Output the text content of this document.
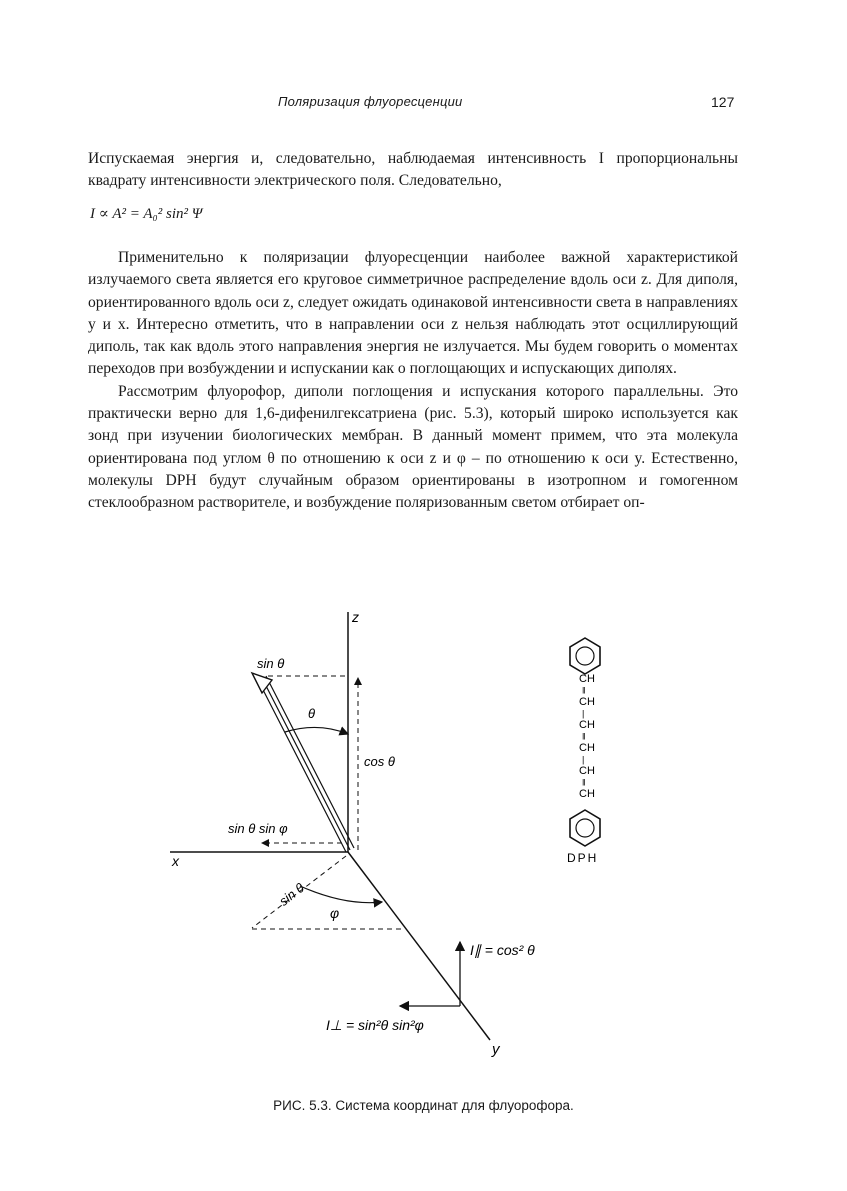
Поляризация флуоресценции	127

Испускаемая энергия и, следовательно, наблюдаемая интенсивность I пропорциональны квадрату интенсивности электрического поля. Следовательно,

I ∝ A² = A₀² sin² Ψ

Применительно к поляризации флуоресценции наиболее важной характеристикой излучаемого света является его круговое симметричное распределение вдоль оси z. Для диполя, ориентированного вдоль оси z, следует ожидать одинаковой интенсивности света в направлениях y и x. Интересно отметить, что в направлении оси z нельзя наблюдать этот осциллирующий диполь, так как вдоль этого направления энергия не излучается. Мы будем говорить о моментах переходов при возбуждении и испускании как о поглощающих и испускающих диполях.

Рассмотрим флуорофор, диполи поглощения и испускания которого параллельны. Это практически верно для 1,6-дифенилгексатриена (рис. 5.3), который широко используется как зонд при изучении биологических мембран. В данный момент примем, что эта молекула ориентирована под углом θ по отношению к оси z и φ – по отношению к оси y. Естественно, молекулы DPH будут случайным образом ориентированы в изотропном и гомогенном стеклообразном растворителе, и возбуждение поляризованным светом отбирает оп-

z
x
y
sin θ
cos θ
θ
sin θ sin φ
sin θ
φ
I∥ = cos² θ
I⊥ = sin²θ sin²φ
CH
‖
CH
|
CH
‖
CH
|
CH
‖
CH
DPH
РИС. 5.3. Система координат для флуорофора.
